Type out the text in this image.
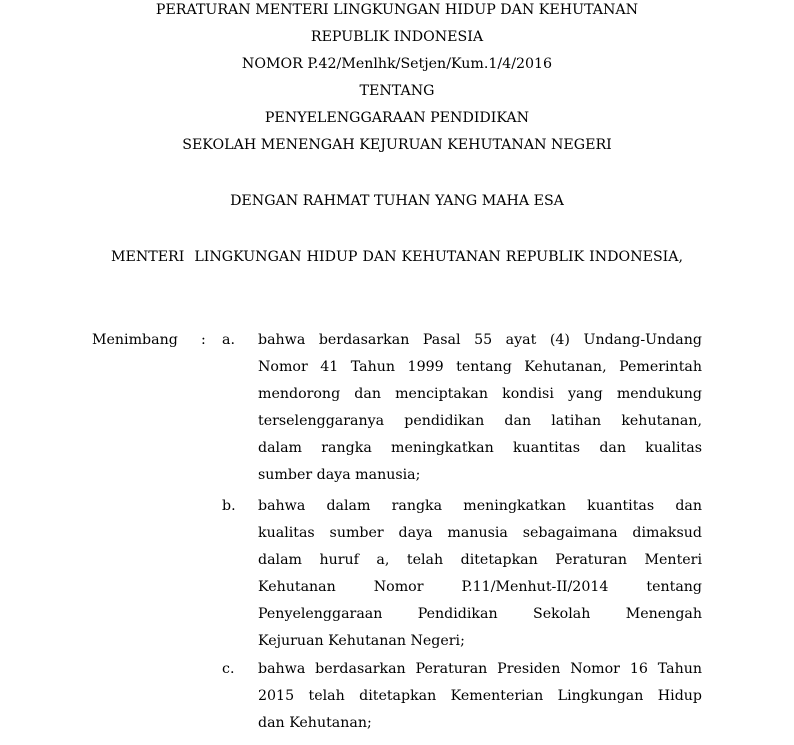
PERATURAN MENTERI LINGKUNGAN HIDUP DAN KEHUTANAN
REPUBLIK INDONESIA
NOMOR P.42/Menlhk/Setjen/Kum.1/4/2016
TENTANG
PENYELENGGARAAN PENDIDIKAN
SEKOLAH MENENGAH KEJURUAN KEHUTANAN NEGERI
DENGAN RAHMAT TUHAN YANG MAHA ESA
MENTERI  LINGKUNGAN HIDUP DAN KEHUTANAN REPUBLIK INDONESIA,
Menimbang : a. bahwa berdasarkan Pasal 55 ayat (4) Undang-Undang
Nomor 41 Tahun 1999 tentang Kehutanan, Pemerintah
mendorong dan menciptakan kondisi yang mendukung
terselenggaranya pendidikan dan latihan kehutanan,
dalam rangka meningkatkan kuantitas dan kualitas
sumber daya manusia;
b. bahwa dalam rangka meningkatkan kuantitas dan
kualitas sumber daya manusia sebagaimana dimaksud
dalam huruf a, telah ditetapkan Peraturan Menteri
Kehutanan Nomor P.11/Menhut-II/2014 tentang
Penyelenggaraan Pendidikan Sekolah Menengah
Kejuruan Kehutanan Negeri;
c. bahwa berdasarkan Peraturan Presiden Nomor 16 Tahun
2015 telah ditetapkan Kementerian Lingkungan Hidup
dan Kehutanan;
